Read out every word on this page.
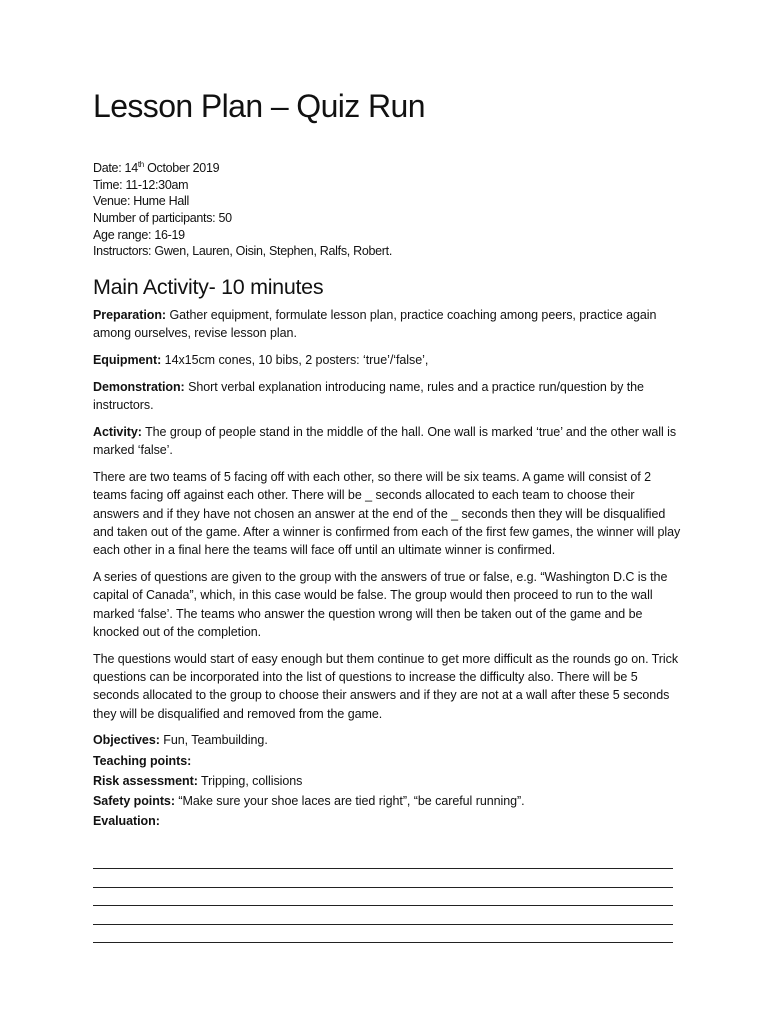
Lesson Plan – Quiz Run
Date: 14th October 2019
Time: 11-12:30am
Venue: Hume Hall
Number of participants: 50
Age range: 16-19
Instructors: Gwen, Lauren, Oisin, Stephen, Ralfs, Robert.
Main Activity- 10 minutes

Preparation: Gather equipment, formulate lesson plan, practice coaching among peers, practice again among ourselves, revise lesson plan.

Equipment: 14x15cm cones, 10 bibs, 2 posters: ‘true’/‘false’,

Demonstration: Short verbal explanation introducing name, rules and a practice run/question by the instructors.

Activity: The group of people stand in the middle of the hall. One wall is marked ‘true’ and the other wall is marked ‘false’.

There are two teams of 5 facing off with each other, so there will be six teams. A game will consist of 2 teams facing off against each other. There will be _ seconds allocated to each team to choose their answers and if they have not chosen an answer at the end of the _ seconds then they will be disqualified and taken out of the game. After a winner is confirmed from each of the first few games, the winner will play each other in a final here the teams will face off until an ultimate winner is confirmed.

A series of questions are given to the group with the answers of true or false, e.g. “Washington D.C is the capital of Canada”, which, in this case would be false. The group would then proceed to run to the wall marked ‘false’. The teams who answer the question wrong will then be taken out of the game and be knocked out of the completion.

The questions would start of easy enough but them continue to get more difficult as the rounds go on. Trick questions can be incorporated into the list of questions to increase the difficulty also. There will be 5 seconds allocated to the group to choose their answers and if they are not at a wall after these 5 seconds they will be disqualified and removed from the game.

Objectives: Fun, Teambuilding.

Teaching points:

Risk assessment: Tripping, collisions

Safety points: “Make sure your shoe laces are tied right”, “be careful running”.

Evaluation:
